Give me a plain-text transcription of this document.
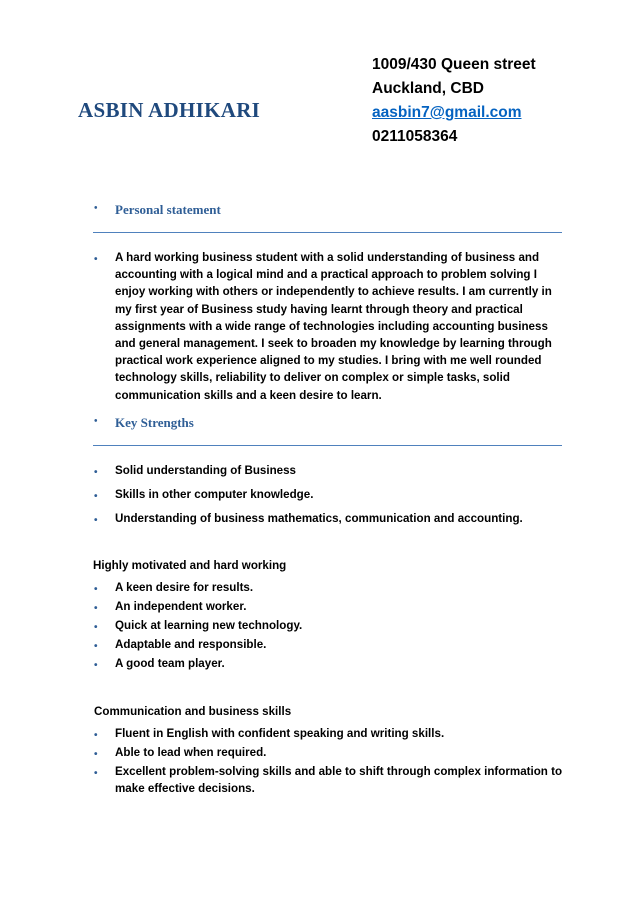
ASBIN ADHIKARI
1009/430 Queen street
Auckland, CBD
aasbin7@gmail.com
0211058364
• Personal statement
• A hard working business student with a solid understanding of business and accounting with a logical mind and a practical approach to problem solving I enjoy working with others or independently to achieve results. I am currently in my first year of Business study having learnt through theory and practical assignments with a wide range of technologies including accounting business and general management. I seek to broaden my knowledge by learning through practical work experience aligned to my studies. I bring with me well rounded technology skills, reliability to deliver on complex or simple tasks, solid communication skills and a keen desire to learn.
• Key Strengths
• Solid understanding of Business
• Skills in other computer knowledge.
• Understanding of business mathematics, communication and accounting.
Highly motivated and hard working
• A keen desire for results.
• An independent worker.
• Quick at learning new technology.
• Adaptable and responsible.
• A good team player.
Communication and business skills
• Fluent in English with confident speaking and writing skills.
• Able to lead when required.
• Excellent problem-solving skills and able to shift through complex information to make effective decisions.
